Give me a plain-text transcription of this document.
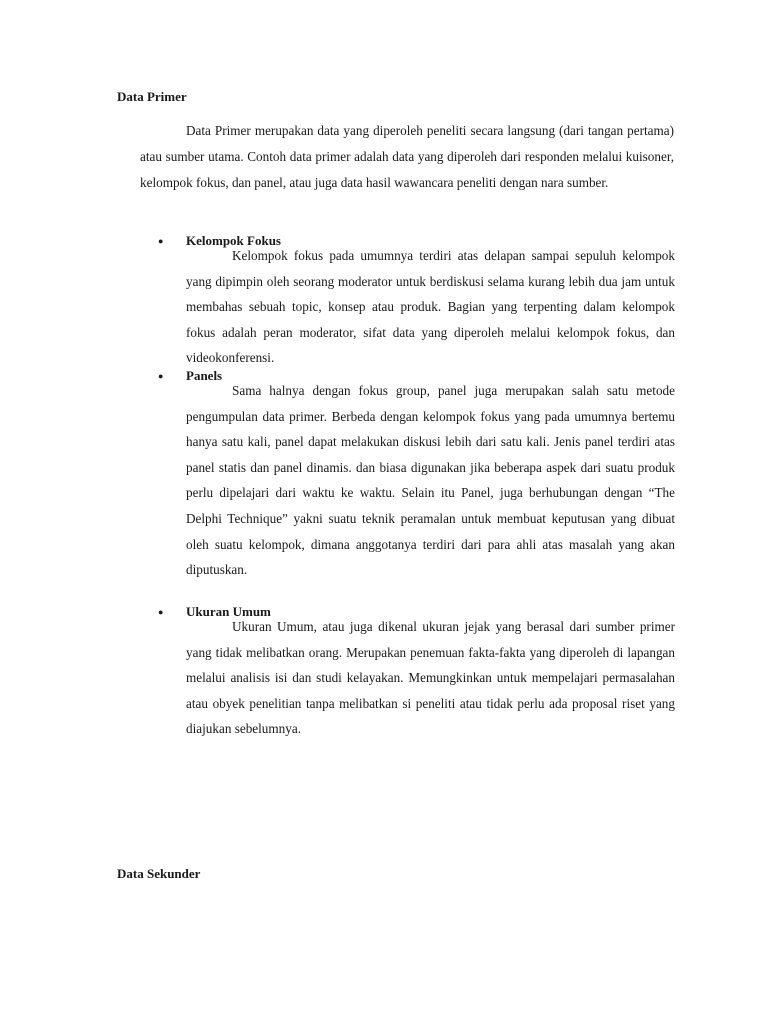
Data Primer

Data Primer merupakan data yang diperoleh peneliti secara langsung (dari tangan pertama) atau sumber utama. Contoh data primer adalah data yang diperoleh dari responden melalui kuisoner, kelompok fokus, dan panel, atau juga data hasil wawancara peneliti dengan nara sumber.

● Kelompok Fokus
Kelompok fokus pada umumnya terdiri atas delapan sampai sepuluh kelompok yang dipimpin oleh seorang moderator untuk berdiskusi selama kurang lebih dua jam untuk membahas sebuah topic, konsep atau produk. Bagian yang terpenting dalam kelompok fokus adalah peran moderator, sifat data yang diperoleh melalui kelompok fokus, dan videokonferensi.
● Panels
Sama halnya dengan fokus group, panel juga merupakan salah satu metode pengumpulan data primer. Berbeda dengan kelompok fokus yang pada umumnya bertemu hanya satu kali, panel dapat melakukan diskusi lebih dari satu kali. Jenis panel terdiri atas panel statis dan panel dinamis. dan biasa digunakan jika beberapa aspek dari suatu produk perlu dipelajari dari waktu ke waktu. Selain itu Panel, juga berhubungan dengan “The Delphi Technique” yakni suatu teknik peramalan untuk membuat keputusan yang dibuat oleh suatu kelompok, dimana anggotanya terdiri dari para ahli atas masalah yang akan diputuskan.
● Ukuran Umum
Ukuran Umum, atau juga dikenal ukuran jejak yang berasal dari sumber primer yang tidak melibatkan orang. Merupakan penemuan fakta-fakta yang diperoleh di lapangan melalui analisis isi dan studi kelayakan. Memungkinkan untuk mempelajari permasalahan atau obyek penelitian tanpa melibatkan si peneliti atau tidak perlu ada proposal riset yang diajukan sebelumnya.
Data Sekunder
